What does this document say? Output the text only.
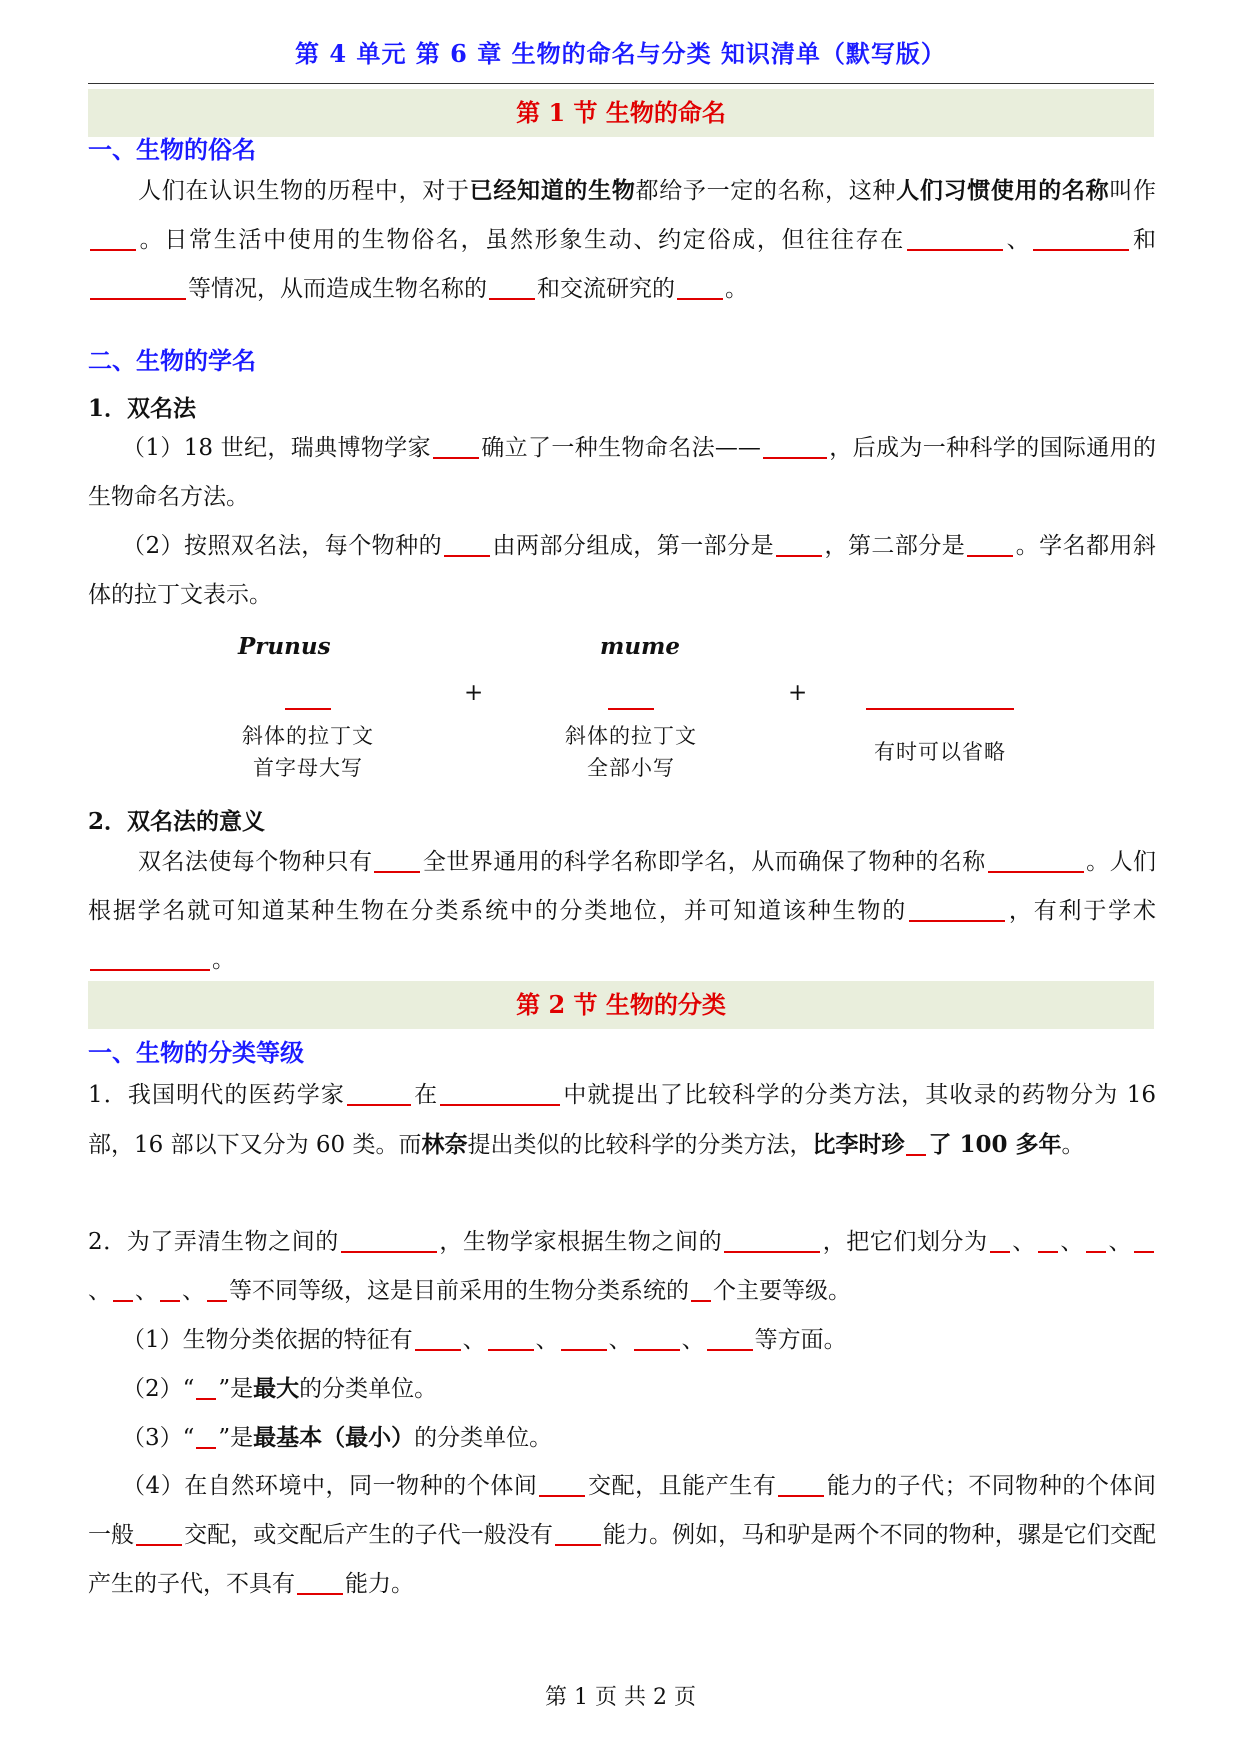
第 4 单元 第 6 章 生物的命名与分类 知识清单（默写版）
第 1 节 生物的命名
一、生物的俗名
人们在认识生物的历程中，对于已经知道的生物都给予一定的名称，这种人们习惯使用的名称叫作。日常生活中使用的生物俗名，虽然形象生动、约定俗成，但往往存在	、	和等情况，从而造成生物名称的 和交流研究的 。
二、生物的学名
1．双名法
（1）18 世纪，瑞典博物学家 确立了一种生物命名法——	，后成为一种科学的国际通用的生物命名方法。
（2）按照双名法，每个物种的 由两部分组成，第一部分是 ，第二部分是 。学名都用斜体的拉丁文表示。
Prunus	mume
+	+
斜体的拉丁文
首字母大写
斜体的拉丁文
全部小写
有时可以省略
2．双名法的意义
双名法使每个物种只有 全世界通用的科学名称即学名，从而确保了物种的名称	。人们根据学名就可知道某种生物在分类系统中的分类地位，并可知道该种生物的	，有利于学术。
第 2 节 生物的分类
一、生物的分类等级
1．我国明代的医药学家	在	中就提出了比较科学的分类方法，其收录的药物分为 16 部，16 部以下又分为 60 类。而林奈提出类似的比较科学的分类方法，比李时珍 了 100 多年。
2．为了弄清生物之间的	，生物学家根据生物之间的	，把它们划分为 、 、 、、 、 、 等不同等级，这是目前采用的生物分类系统的 个主要等级。
（1）生物分类依据的特征有 、 、 、 、 等方面。
（2）“ ”是最大的分类单位。
（3）“ ”是最基本（最小）的分类单位。
（4）在自然环境中，同一物种的个体间 交配，且能产生有 能力的子代；不同物种的个体间一般 交配，或交配后产生的子代一般没有 能力。例如，马和驴是两个不同的物种，骡是它们交配产生的子代，不具有 能力。
第 1 页 共 2 页
